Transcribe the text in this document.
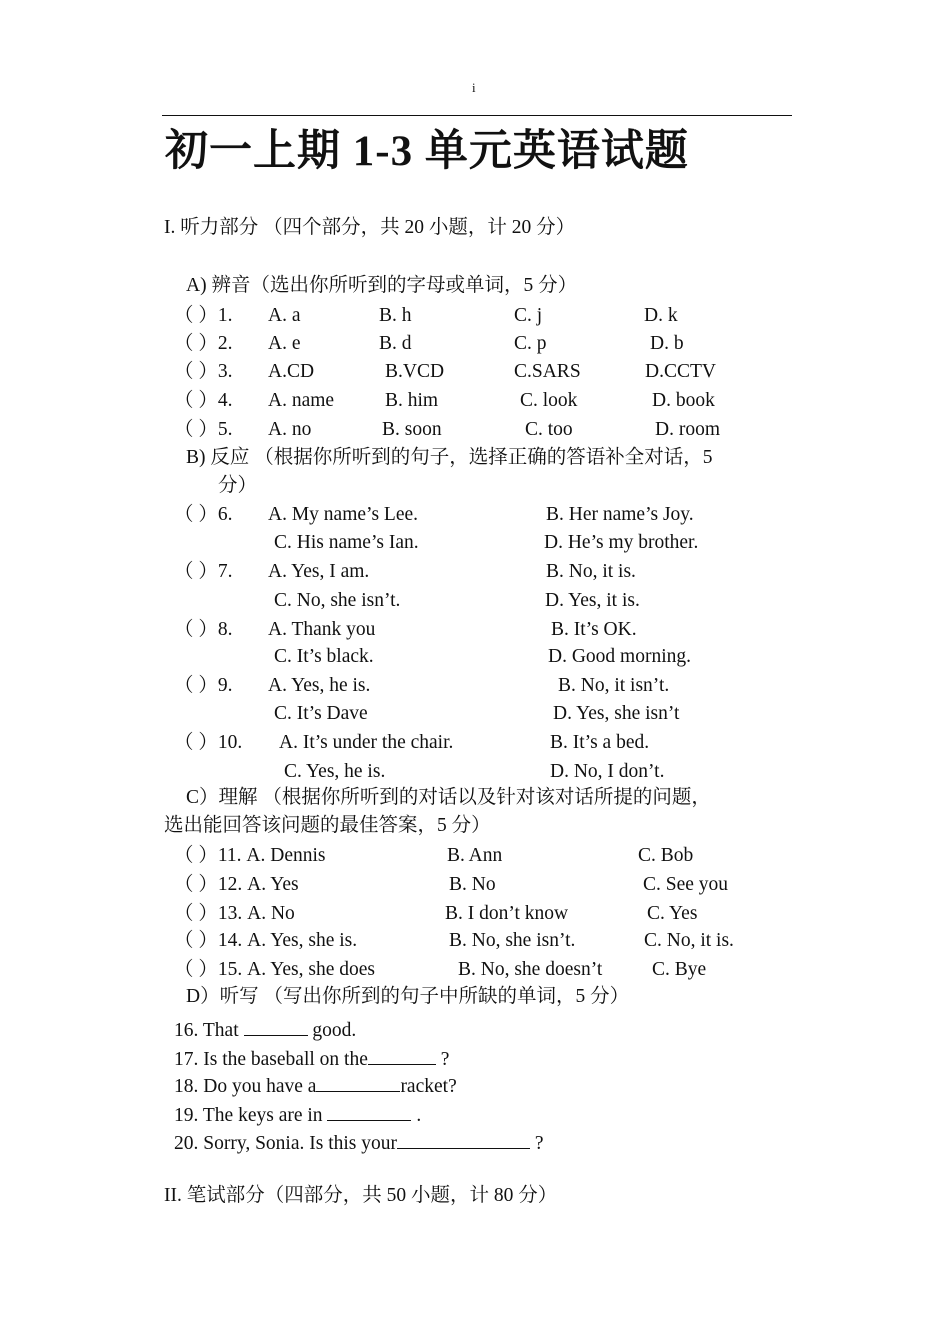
i
初一上期 1-3 单元英语试题
I. 听力部分 （四个部分，共 20 小题，计 20 分）
A) 辨音（选出你所听到的字母或单词，5 分）
（ ）1. A. a	B. h	C. j	D. k
（ ）2. A. e	B. d	C. p	D. b
（ ）3. A.CD	B.VCD	C.SARS	D.CCTV
（ ）4. A. name	B. him	C. look	D. book
（ ）5. A. no	B. soon	C. too	D. room
B) 反应 （根据你所听到的句子，选择正确的答语补全对话，5
分）
（ ）6. A. My name’s Lee.	B. Her name’s Joy.
C. His name’s Ian.	D. He’s my brother.
（ ）7. A. Yes, I am.	B. No, it is.
C. No, she isn’t.	D. Yes, it is.
（ ）8. A. Thank you	B. It’s OK.
C. It’s black.	D. Good morning.
（ ）9. A. Yes, he is.	B. No, it isn’t.
C. It’s Dave	D. Yes, she isn’t
（ ）10. A. It’s under the chair.	B. It’s a bed.
C. Yes, he is.	D. No, I don’t.
C）理解 （根据你所听到的对话以及针对该对话所提的问题，
选出能回答该问题的最佳答案，5 分）
（ ）11. A. Dennis	B. Ann	C. Bob
（ ）12. A. Yes	B. No	C. See you
（ ）13. A. No	B. I don’t know	C. Yes
（ ）14. A. Yes, she is.	B. No, she isn’t.	C. No, it is.
（ ）15. A. Yes, she does	B. No, she doesn’t	C. Bye
D）听写 （写出你所到的句子中所缺的单词，5 分）
16. That	good.
17. Is the baseball on the	?
18. Do you have a	racket?
19. The keys are in	.
20. Sorry, Sonia. Is this your	?
II. 笔试部分（四部分，共 50 小题，计 80 分）
